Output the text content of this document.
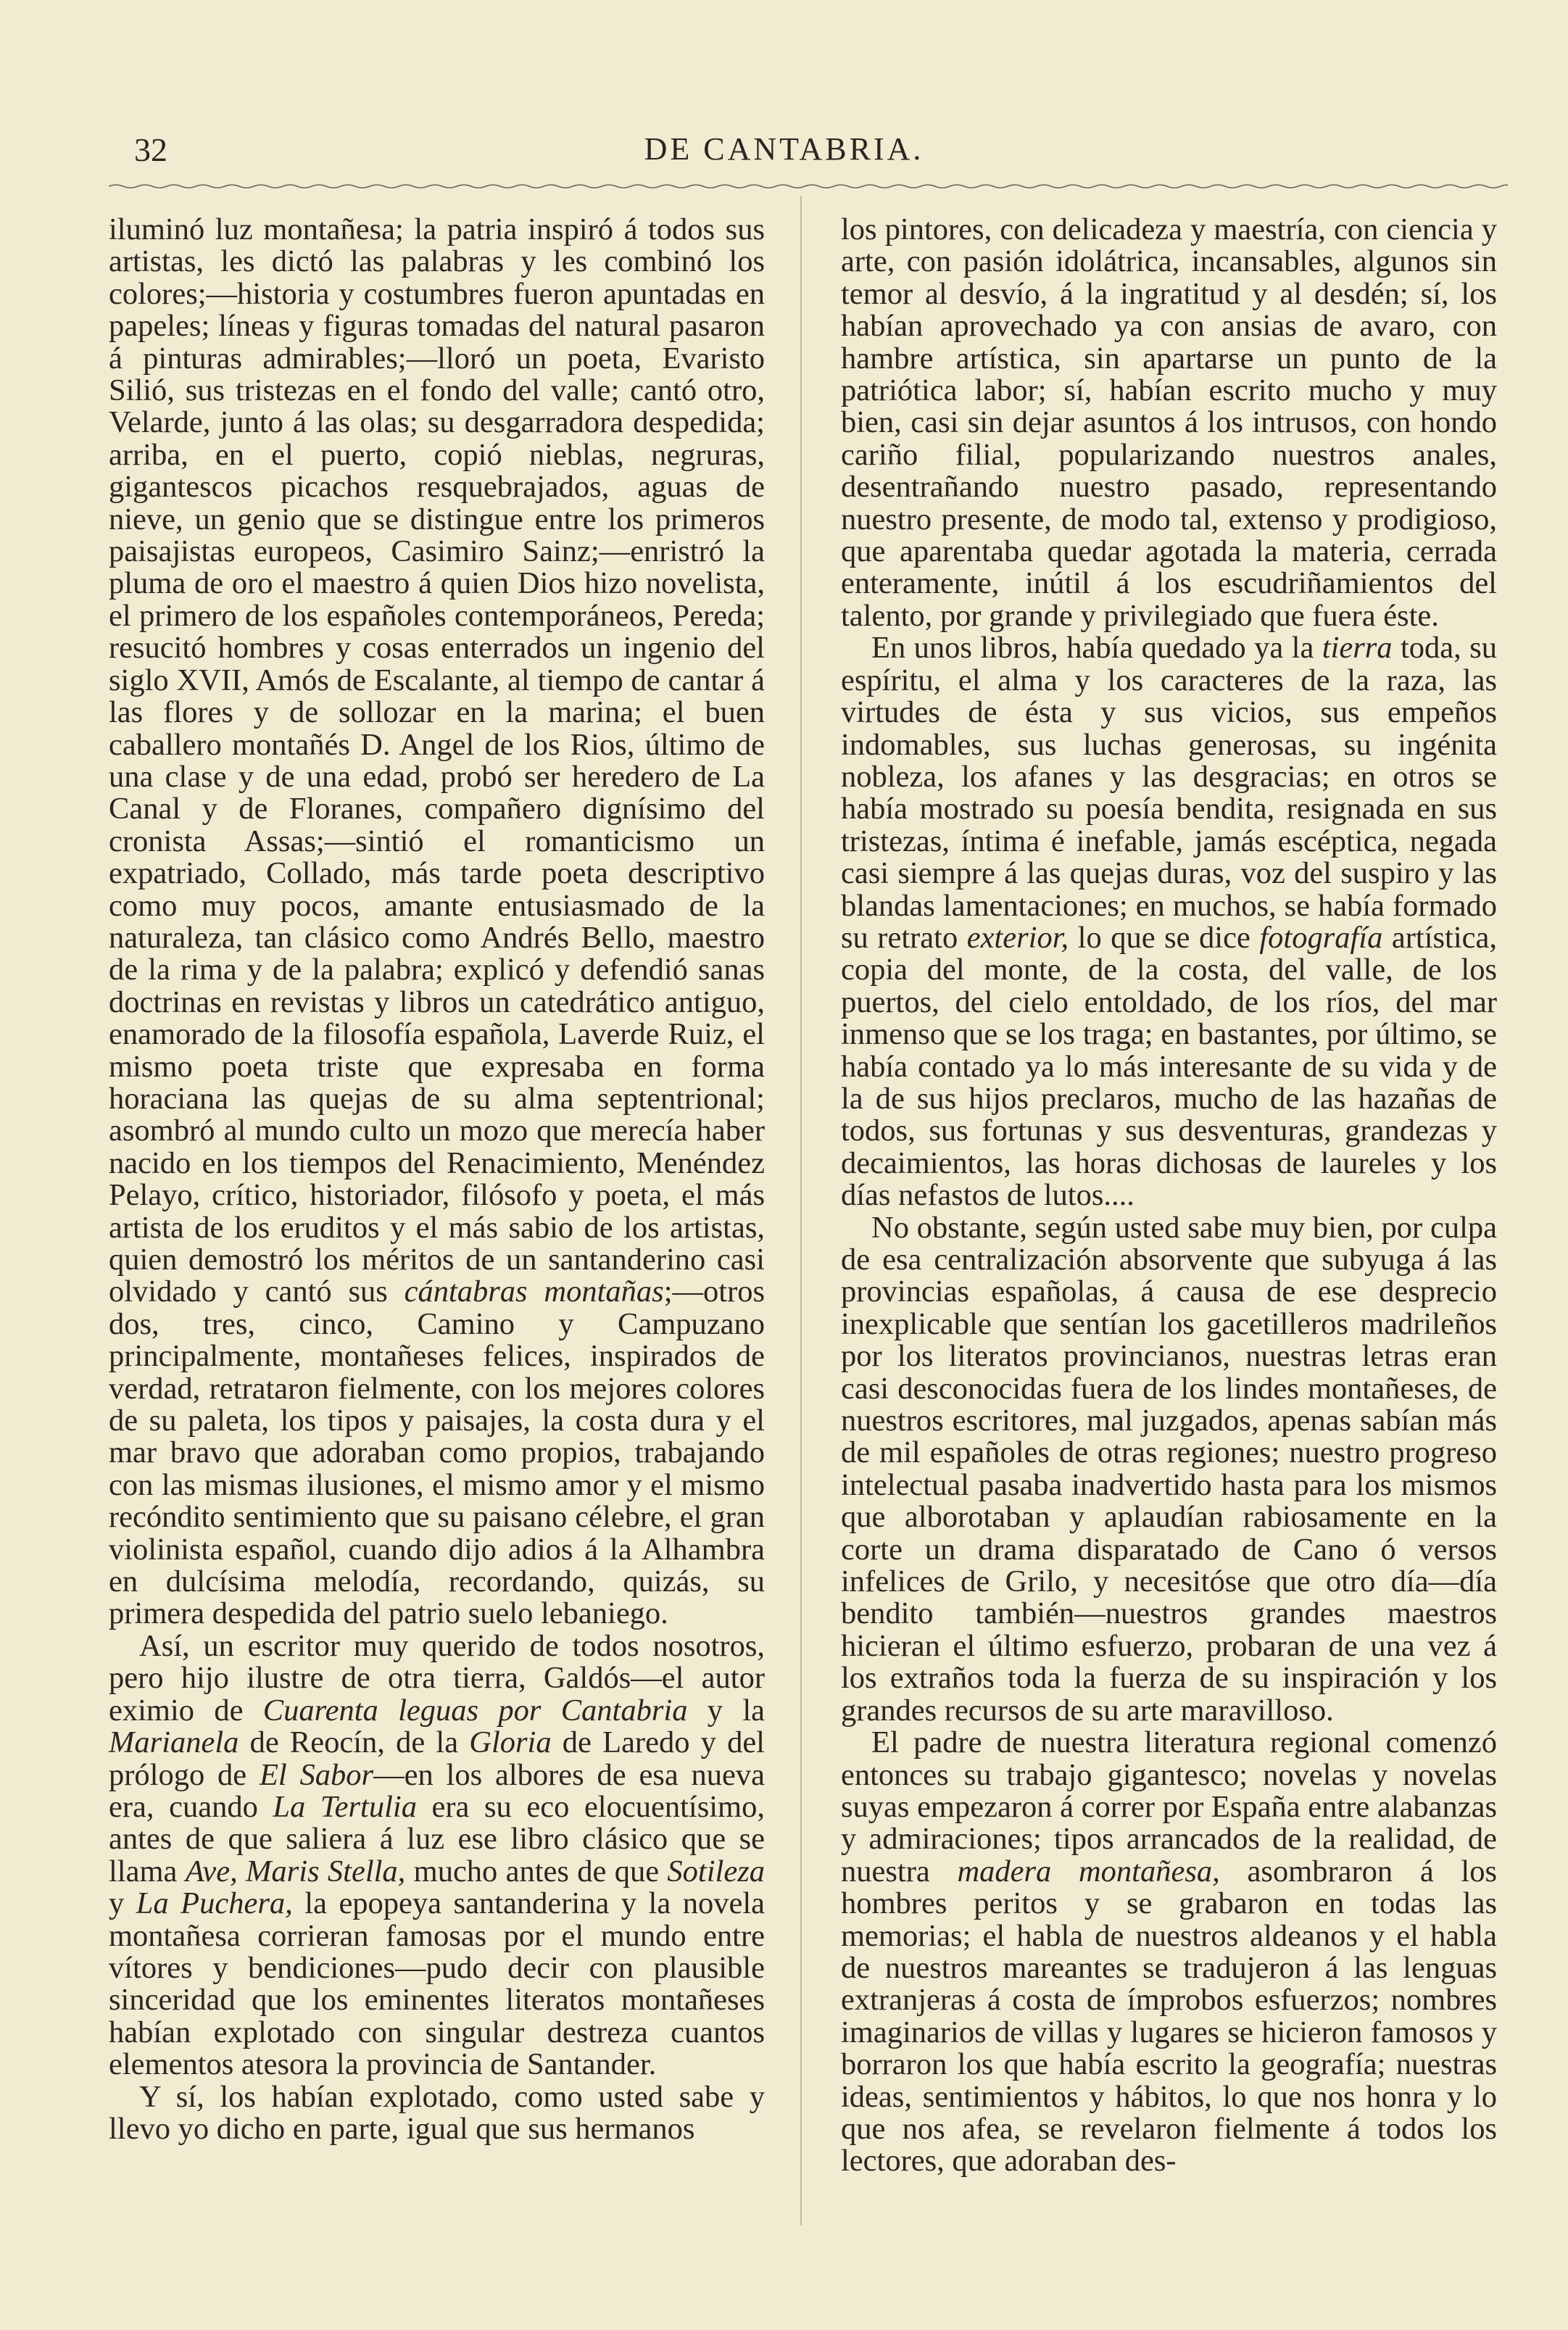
32	DE CANTABRIA.

iluminó luz montañesa; la patria inspiró á todos sus artistas, les dictó las palabras y les combinó los colores;—historia y costumbres fueron apuntadas en papeles; líneas y figuras tomadas del natural pasaron á pinturas admirables;—lloró un poeta, Evaristo Silió, sus tristezas en el fondo del valle; cantó otro, Velarde, junto á las olas; su desgarradora despedida; arriba, en el puerto, copió nieblas, negruras, gigantescos picachos resquebrajados, aguas de nieve, un genio que se distingue entre los primeros paisajistas europeos, Casimiro Sainz;—enristró la pluma de oro el maestro á quien Dios hizo novelista, el primero de los españoles contemporáneos, Pereda; resucitó hombres y cosas enterrados un ingenio del siglo XVII, Amós de Escalante, al tiempo de cantar á las flores y de sollozar en la marina; el buen caballero montañés D. Angel de los Rios, último de una clase y de una edad, probó ser heredero de La Canal y de Floranes, compañero dignísimo del cronista Assas;—sintió el romanticismo un expatriado, Collado, más tarde poeta descriptivo como muy pocos, amante entusiasmado de la naturaleza, tan clásico como Andrés Bello, maestro de la rima y de la palabra; explicó y defendió sanas doctrinas en revistas y libros un catedrático antiguo, enamorado de la filosofía española, Laverde Ruiz, el mismo poeta triste que expresaba en forma horaciana las quejas de su alma septentrional; asombró al mundo culto un mozo que merecía haber nacido en los tiempos del Renacimiento, Menéndez Pelayo, crítico, historiador, filósofo y poeta, el más artista de los eruditos y el más sabio de los artistas, quien demostró los méritos de un santanderino casi olvidado y cantó sus cántabras montañas;—otros dos, tres, cinco, Camino y Campuzano principalmente, montañeses felices, inspirados de verdad, retrataron fielmente, con los mejores colores de su paleta, los tipos y paisajes, la costa dura y el mar bravo que adoraban como propios, trabajando con las mismas ilusiones, el mismo amor y el mismo recóndito sentimiento que su paisano célebre, el gran violinista español, cuando dijo adios á la Alhambra en dulcísima melodía, recordando, quizás, su primera despedida del patrio suelo lebaniego.

Así, un escritor muy querido de todos nosotros, pero hijo ilustre de otra tierra, Galdós—el autor eximio de Cuarenta leguas por Cantabria y la Marianela de Reocín, de la Gloria de Laredo y del prólogo de El Sabor—en los albores de esa nueva era, cuando La Tertulia era su eco elocuentísimo, antes de que saliera á luz ese libro clásico que se llama Ave, Maris Stella, mucho antes de que Sotileza y La Puchera, la epopeya santanderina y la novela montañesa corrieran famosas por el mundo entre vítores y bendiciones—pudo decir con plausible sinceridad que los eminentes literatos montañeses habían explotado con singular destreza cuantos elementos atesora la provincia de Santander.

Y sí, los habían explotado, como usted sabe y llevo yo dicho en parte, igual que sus hermanos

los pintores, con delicadeza y maestría, con ciencia y arte, con pasión idolátrica, incansables, algunos sin temor al desvío, á la ingratitud y al desdén; sí, los habían aprovechado ya con ansias de avaro, con hambre artística, sin apartarse un punto de la patriótica labor; sí, habían escrito mucho y muy bien, casi sin dejar asuntos á los intrusos, con hondo cariño filial, popularizando nuestros anales, desentrañando nuestro pasado, representando nuestro presente, de modo tal, extenso y prodigioso, que aparentaba quedar agotada la materia, cerrada enteramente, inútil á los escudriñamientos del talento, por grande y privilegiado que fuera éste.

En unos libros, había quedado ya la tierra toda, su espíritu, el alma y los caracteres de la raza, las virtudes de ésta y sus vicios, sus empeños indomables, sus luchas generosas, su ingénita nobleza, los afanes y las desgracias; en otros se había mostrado su poesía bendita, resignada en sus tristezas, íntima é inefable, jamás escéptica, negada casi siempre á las quejas duras, voz del suspiro y las blandas lamentaciones; en muchos, se había formado su retrato exterior, lo que se dice fotografía artística, copia del monte, de la costa, del valle, de los puertos, del cielo entoldado, de los ríos, del mar inmenso que se los traga; en bastantes, por último, se había contado ya lo más interesante de su vida y de la de sus hijos preclaros, mucho de las hazañas de todos, sus fortunas y sus desventuras, grandezas y decaimientos, las horas dichosas de laureles y los días nefastos de lutos....

No obstante, según usted sabe muy bien, por culpa de esa centralización absorvente que subyuga á las provincias españolas, á causa de ese desprecio inexplicable que sentían los gacetilleros madrileños por los literatos provincianos, nuestras letras eran casi desconocidas fuera de los lindes montañeses, de nuestros escritores, mal juzgados, apenas sabían más de mil españoles de otras regiones; nuestro progreso intelectual pasaba inadvertido hasta para los mismos que alborotaban y aplaudían rabiosamente en la corte un drama disparatado de Cano ó versos infelices de Grilo, y necesitóse que otro día—día bendito también—nuestros grandes maestros hicieran el último esfuerzo, probaran de una vez á los extraños toda la fuerza de su inspiración y los grandes recursos de su arte maravilloso.

El padre de nuestra literatura regional comenzó entonces su trabajo gigantesco; novelas y novelas suyas empezaron á correr por España entre alabanzas y admiraciones; tipos arrancados de la realidad, de nuestra madera montañesa, asombraron á los hombres peritos y se grabaron en todas las memorias; el habla de nuestros aldeanos y el habla de nuestros mareantes se tradujeron á las lenguas extranjeras á costa de ímprobos esfuerzos; nombres imaginarios de villas y lugares se hicieron famosos y borraron los que había escrito la geografía; nuestras ideas, sentimientos y hábitos, lo que nos honra y lo que nos afea, se revelaron fielmente á todos los lectores, que adoraban des-
